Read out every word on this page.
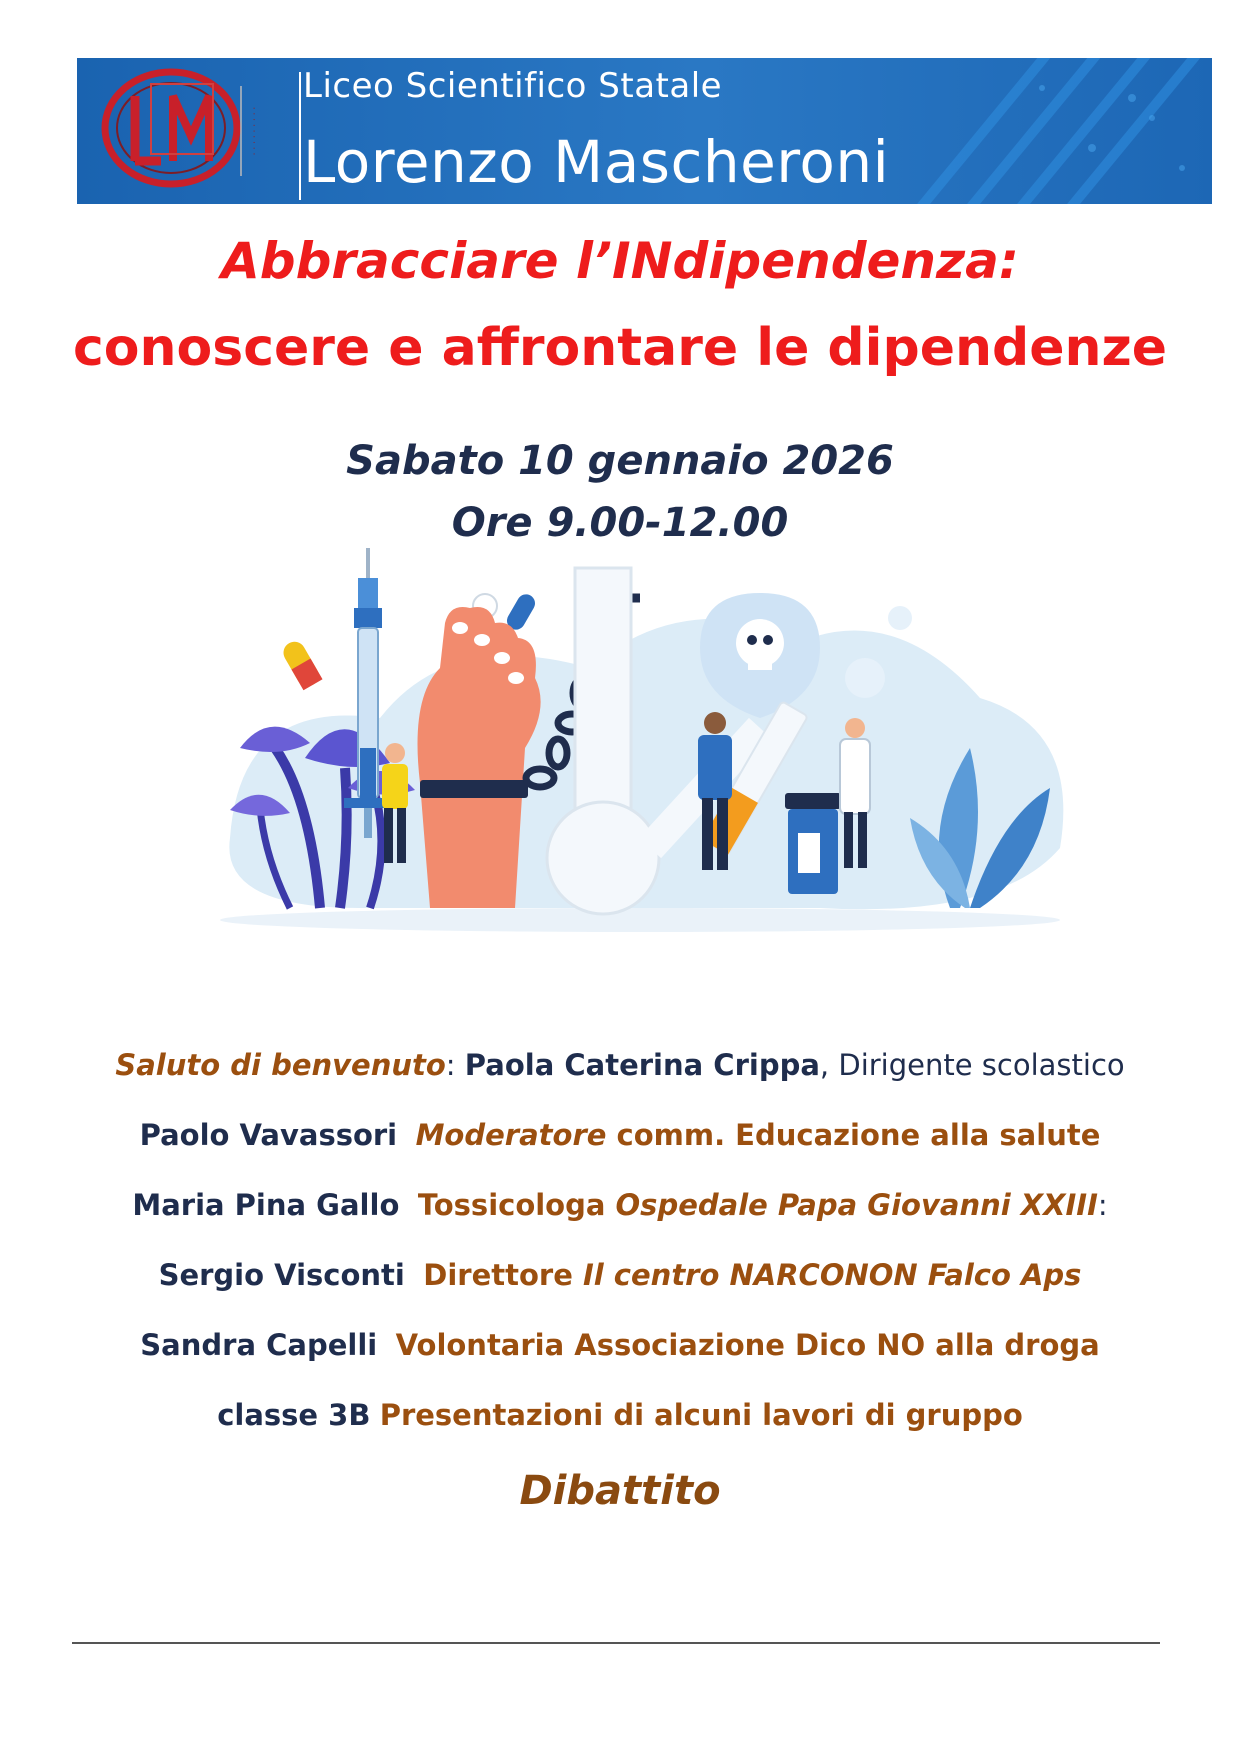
· · · · · · · · ·
Liceo Scientifico Statale
Lorenzo Mascheroni
Abbracciare l’INdipendenza:
conoscere e affrontare le dipendenze
Sabato 10 gennaio 2026
Ore 9.00-12.00
Saluto di benvenuto: Paola Caterina Crippa, Dirigente scolastico
Paolo Vavassori Moderatore comm. Educazione alla salute
Maria Pina Gallo Tossicologa Ospedale Papa Giovanni XXIII:
Sergio Visconti Direttore Il centro NARCONON Falco Aps
Sandra Capelli Volontaria Associazione Dico NO alla droga
classe 3B Presentazioni di alcuni lavori di gruppo
Dibattito
